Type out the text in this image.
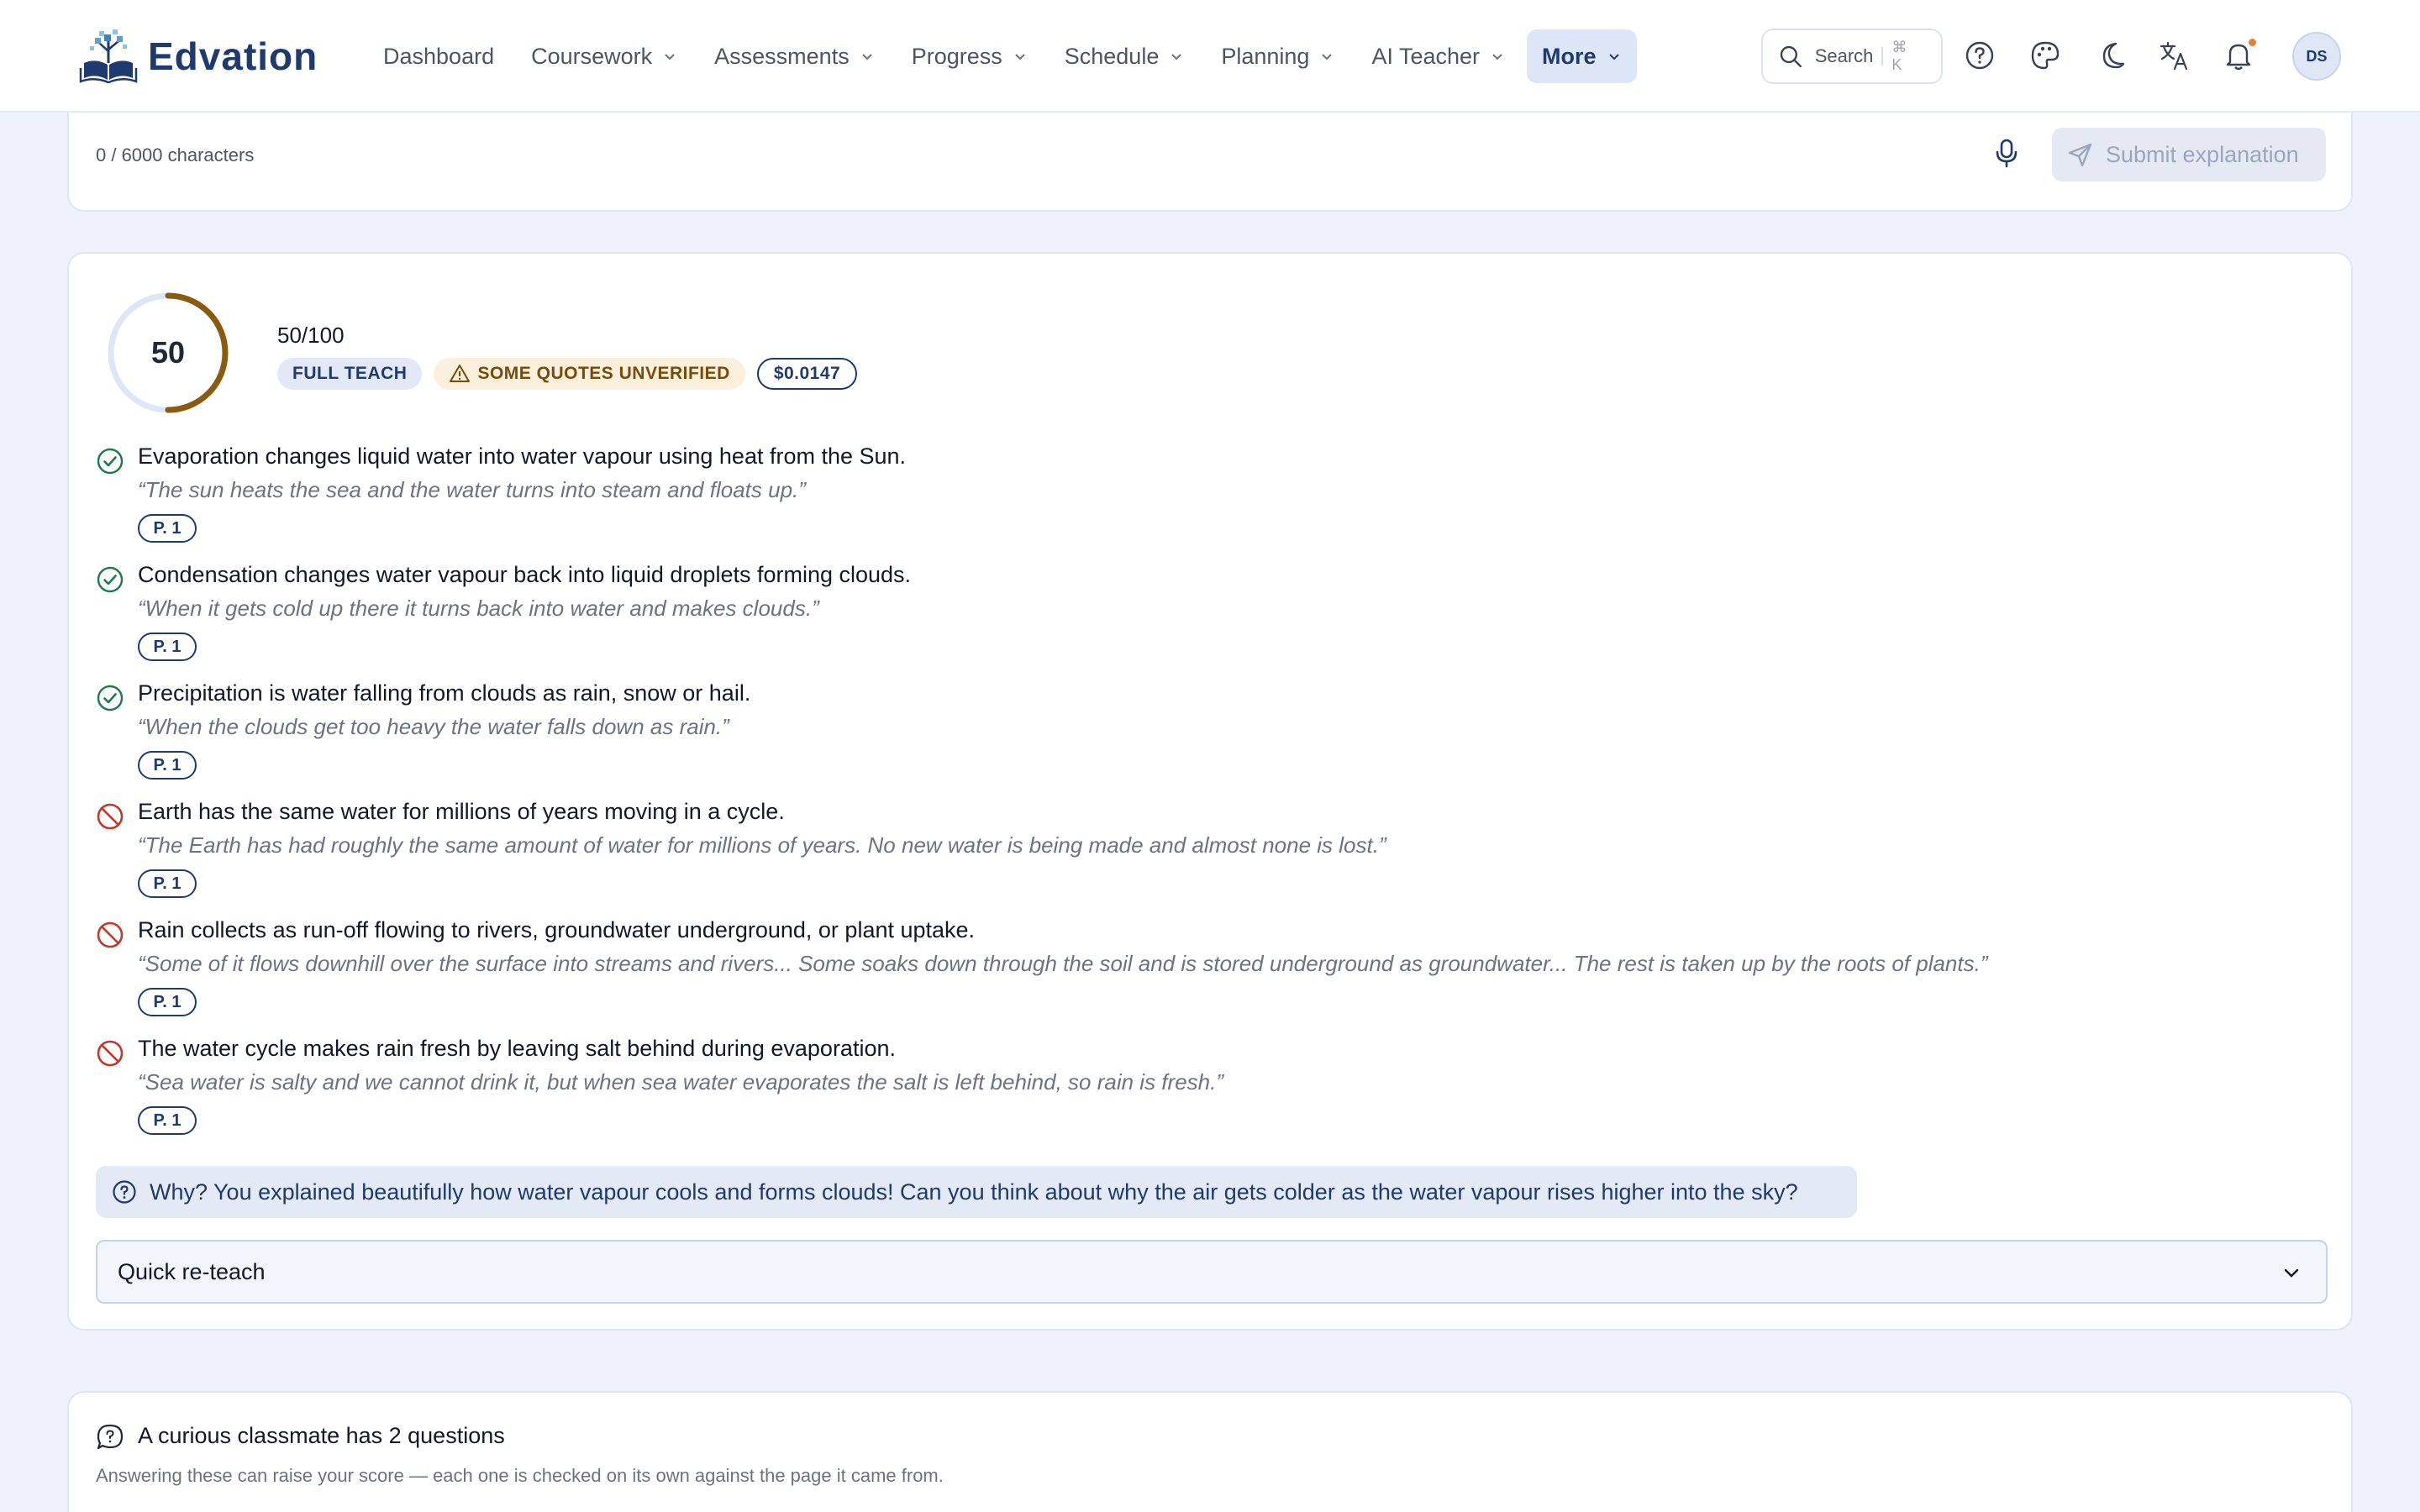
Edvation	Dashboard Coursework	Assessments	Progress	Schedule	Planning	AI Teacher	More	Search ⌘ K
DS
0 / 6000 characters	Submit explanation
50	50/100
FULL TEACH	SOME QUOTES UNVERIFIED	$0.0147
Evaporation changes liquid water into water vapour using heat from the Sun.
“The sun heats the sea and the water turns into steam and floats up.”
P. 1
Condensation changes water vapour back into liquid droplets forming clouds.
“When it gets cold up there it turns back into water and makes clouds.”
P. 1
Precipitation is water falling from clouds as rain, snow or hail.
“When the clouds get too heavy the water falls down as rain.”
P. 1
Earth has the same water for millions of years moving in a cycle.
“The Earth has had roughly the same amount of water for millions of years. No new water is being made and almost none is lost.”
P. 1
Rain collects as run-off flowing to rivers, groundwater underground, or plant uptake.
“Some of it flows downhill over the surface into streams and rivers... Some soaks down through the soil and is stored underground as groundwater... The rest is taken up by the roots of plants.”
P. 1
The water cycle makes rain fresh by leaving salt behind during evaporation.
“Sea water is salty and we cannot drink it, but when sea water evaporates the salt is left behind, so rain is fresh.”
P. 1
Why? You explained beautifully how water vapour cools and forms clouds! Can you think about why the air gets colder as the water vapour rises higher into the sky?
Quick re-teach
A curious classmate has 2 questions
Answering these can raise your score — each one is checked on its own against the page it came from.
